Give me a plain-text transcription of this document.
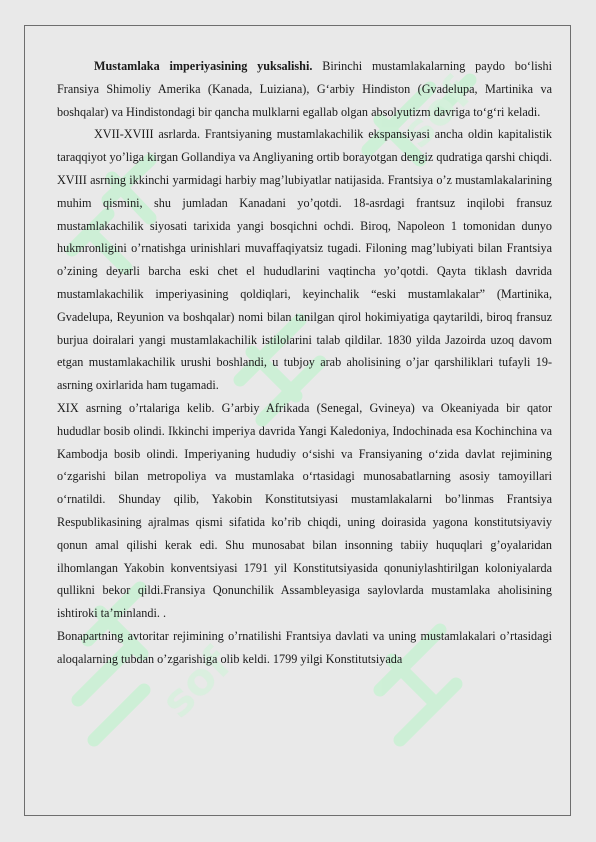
sof
sof

Mustamlaka imperiyasining yuksalishi. Birinchi mustamlakalarning paydo bo‘lishi Fransiya Shimoliy Amerika (Kanada, Luiziana), G‘arbiy Hindiston (Gvadelupa, Martinika va boshqalar) va Hindistondagi bir qancha mulklarni egallab olgan absolyutizm davriga to‘g‘ri keladi.

XVII-XVIII asrlarda. Frantsiyaning mustamlakachilik ekspansiyasi ancha oldin kapitalistik taraqqiyot yo’liga kirgan Gollandiya va Angliyaning ortib borayotgan dengiz qudratiga qarshi chiqdi. XVIII asrning ikkinchi yarmidagi harbiy mag’lubiyatlar natijasida. Frantsiya o’z mustamlakalarining muhim qismini, shu jumladan Kanadani yo’qotdi. 18-asrdagi frantsuz inqilobi fransuz mustamlakachilik siyosati tarixida yangi bosqichni ochdi. Biroq, Napoleon 1 tomonidan dunyo hukmronligini o’rnatishga urinishlari muvaffaqiyatsiz tugadi. Filoning mag’lubiyati bilan Frantsiya o’zining deyarli barcha eski chet el hududlarini vaqtincha yo’qotdi. Qayta tiklash davrida mustamlakachilik imperiyasining qoldiqlari, keyinchalik “eski mustamlakalar” (Martinika, Gvadelupa, Reyunion va boshqalar) nomi bilan tanilgan qirol hokimiyatiga qaytarildi, biroq fransuz burjua doiralari yangi mustamlakachilik istilolarini talab qildilar. 1830 yilda Jazoirda uzoq davom etgan mustamlakachilik urushi boshlandi, u tubjoy arab aholisining o’jar qarshiliklari tufayli 19-asrning oxirlarida ham tugamadi.

XIX asrning o’rtalariga kelib. G’arbiy Afrikada (Senegal, Gvineya) va Okeaniyada bir qator hududlar bosib olindi. Ikkinchi imperiya davrida Yangi Kaledoniya, Indochinada esa Kochinchina va Kambodja bosib olindi. Imperiyaning hududiy o‘sishi va Fransiyaning o‘zida davlat rejimining o‘zgarishi bilan metropoliya va mustamlaka o‘rtasidagi munosabatlarning asosiy tamoyillari o‘rnatildi. Shunday qilib, Yakobin Konstitutsiyasi mustamlakalarni bo’linmas Frantsiya Respublikasining ajralmas qismi sifatida ko’rib chiqdi, uning doirasida yagona konstitutsiyaviy qonun amal qilishi kerak edi. Shu munosabat bilan insonning tabiiy huquqlari g’oyalaridan ilhomlangan Yakobin konventsiyasi 1791 yil Konstitutsiyasida qonuniylashtirilgan koloniyalarda qullikni bekor qildi.Fransiya Qonunchilik Assambleyasiga saylovlarda mustamlaka aholisining ishtiroki ta’minlandi. .

Bonapartning avtoritar rejimining o’rnatilishi Frantsiya davlati va uning mustamlakalari o’rtasidagi aloqalarning tubdan o’zgarishiga olib keldi. 1799 yilgi Konstitutsiyada
